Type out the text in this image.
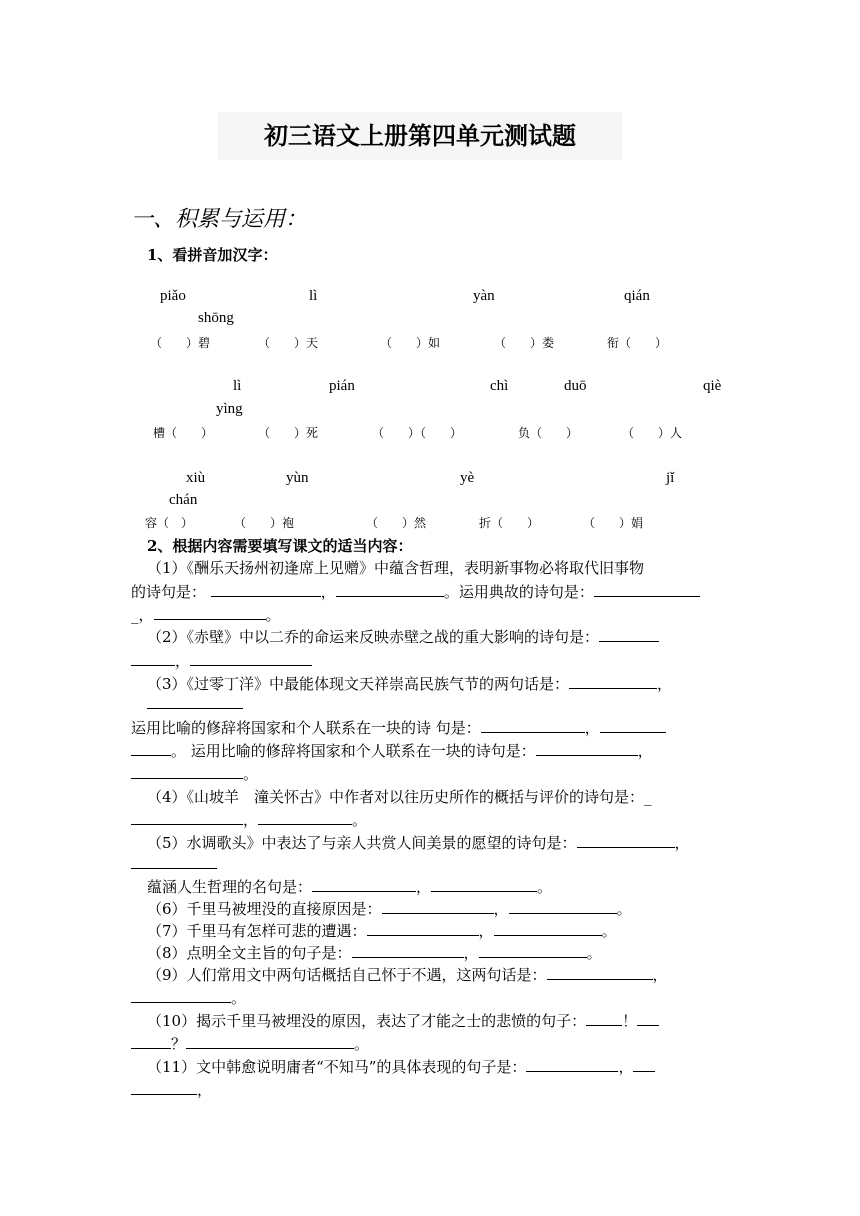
初三语文上册第四单元测试题
一、积累与运用：
1、看拼音加汉字：
piǎo	lì	yàn	qián
shōng
（　　）碧	（　　）天	（　　）如	（　　）娄	衔（　　）
lì	pián	chì	duō	qiè
yìng
槽（　　）	（　　）死	（　　）（　　）	负（　　）	（　　）人
xiù	yùn	yè	jǐ
chán
容（　）	（　　）袍	（　　）然	折（　　）	（　　）娟
2、根据内容需要填写课文的适当内容：
（1）《酬乐天扬州初逢席上见赠》中蕴含哲理，表明新事物必将取代旧事物
的诗句是：	，	。运用典故的诗句是：
_，	。
（2）《赤壁》中以二乔的命运来反映赤壁之战的重大影响的诗句是：
，
（3）《过零丁洋》中最能体现文天祥崇高民族气节的两句话是：	，
运用比喻的修辞将国家和个人联系在一块的诗 句是：	，
。 运用比喻的修辞将国家和个人联系在一块的诗句是：	，
。
（4）《山坡羊　潼关怀古》中作者对以往历史所作的概括与评价的诗句是：_
，	。
（5）水调歌头》中表达了与亲人共赏人间美景的愿望的诗句是：	，
蕴涵人生哲理的名句是：	，	。
（6）千里马被埋没的直接原因是：	，	。
（7）千里马有怎样可悲的遭遇：	，	。
（8）点明全文主旨的句子是：	，	。
（9）人们常用文中两句话概括自己怀于不遇，这两句话是：	，
。
（10）揭示千里马被埋没的原因，表达了才能之士的悲愤的句子： ！
？	。
（11）文中韩愈说明庸者“不知马”的具体表现的句子是：	，
，
